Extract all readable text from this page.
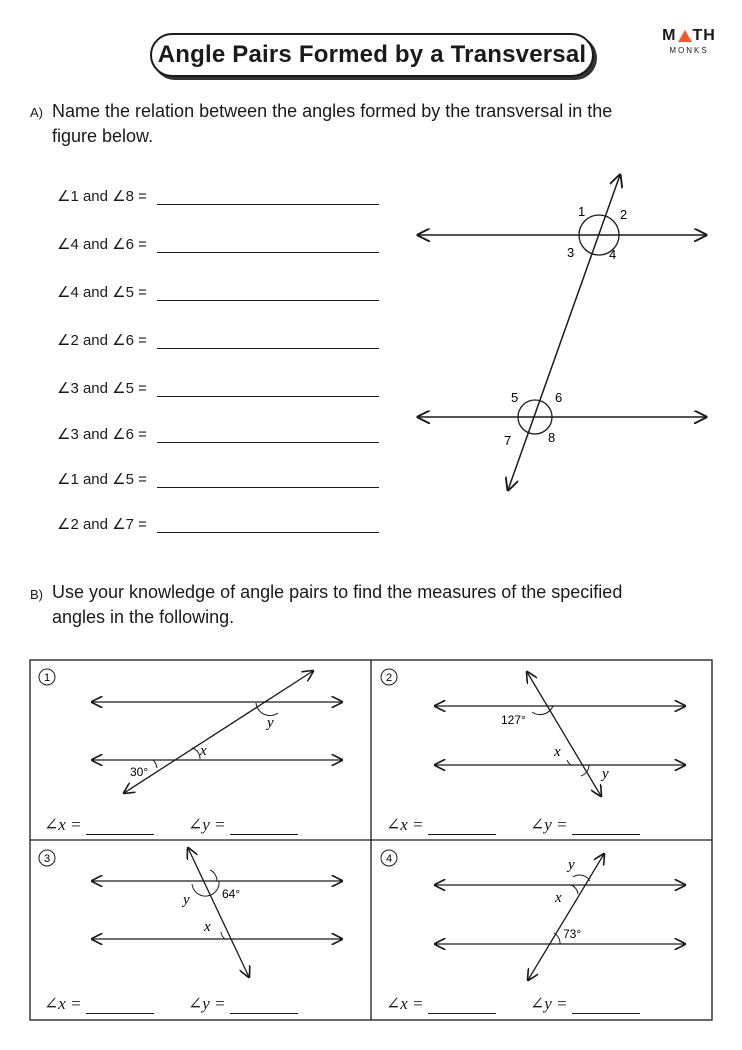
Angle Pairs Formed by a Transversal
M TH
MONKS
A) Name the relation between the angles formed by the transversal in the
figure below.
∠1 and ∠8 =
∠4 and ∠6 =
∠4 and ∠5 =
∠2 and ∠6 =
∠3 and ∠5 =
∠3 and ∠6 =
∠1 and ∠5 =
∠2 and ∠7 =
1	2
3	4
5	6
7	8
B) Use your knowledge of angle pairs to find the measures of the specified
angles in the following.
1
y
x
30°
2
127°
x
y
3
y	64°
x
4	y
x
73°
∠x =	∠y =	∠x =	∠y =
∠x =	∠y =	∠x =	∠y =
